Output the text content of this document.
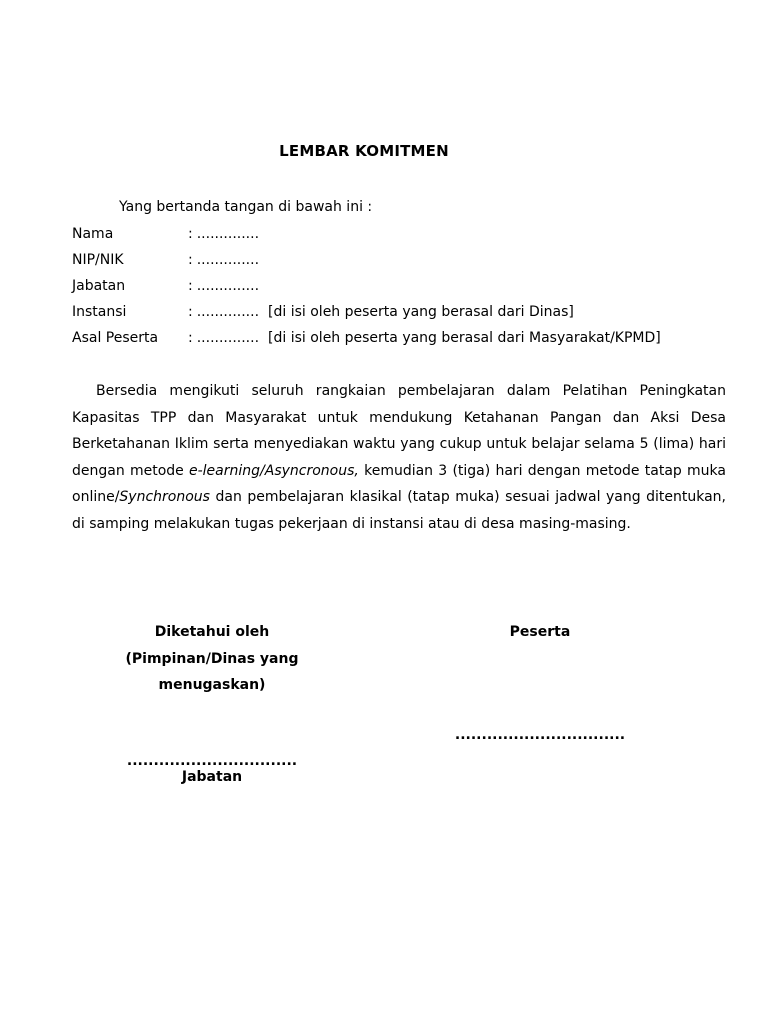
LEMBAR KOMITMEN
Yang bertanda tangan di bawah ini :
Nama	: ..............
NIP/NIK	: ..............
Jabatan	: ..............
Instansi	: .............. [di isi oleh peserta yang berasal dari Dinas]
Asal Peserta : .............. [di isi oleh peserta yang berasal dari Masyarakat/KPMD]
Bersedia mengikuti seluruh rangkaian pembelajaran dalam Pelatihan Peningkatan Kapasitas TPP dan Masyarakat untuk mendukung Ketahanan Pangan dan Aksi Desa Berketahanan Iklim serta menyediakan waktu yang cukup untuk belajar selama 5 (lima) hari dengan metode e-learning/Asyncronous, kemudian 3 (tiga) hari dengan metode tatap muka online/Synchronous dan pembelajaran klasikal (tatap muka) sesuai jadwal yang ditentukan, di samping melakukan tugas pekerjaan di instansi atau di desa masing-masing.
Diketahui oleh
(Pimpinan/Dinas yang
menugaskan)
................................
Jabatan
Peserta
................................
